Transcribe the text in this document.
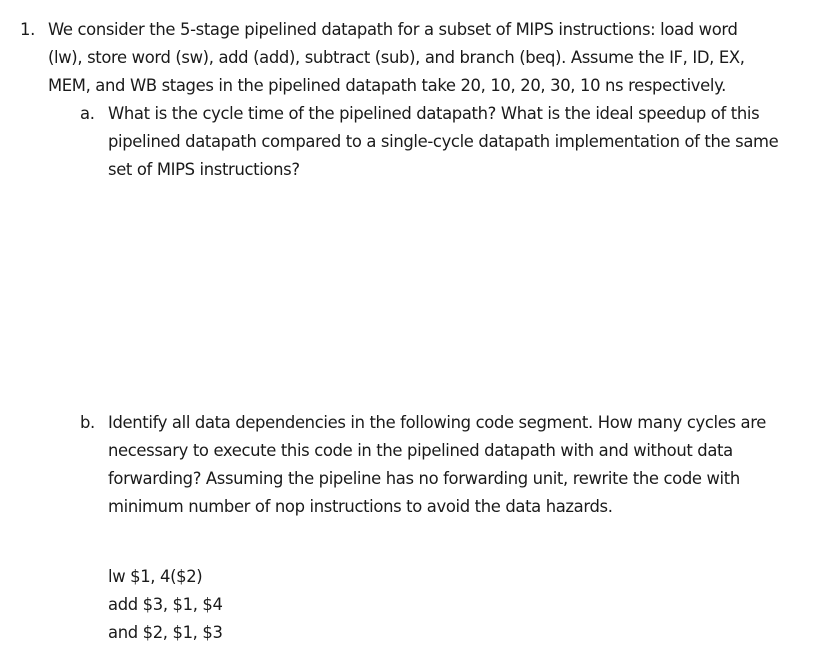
1. We consider the 5-stage pipelined datapath for a subset of MIPS instructions: load word
(lw), store word (sw), add (add), subtract (sub), and branch (beq). Assume the IF, ID, EX,
MEM, and WB stages in the pipelined datapath take 20, 10, 20, 30, 10 ns respectively.

a. What is the cycle time of the pipelined datapath? What is the ideal speedup of this
pipelined datapath compared to a single-cycle datapath implementation of the same
set of MIPS instructions?

b. Identify all data dependencies in the following code segment. How many cycles are
necessary to execute this code in the pipelined datapath with and without data
forwarding? Assuming the pipeline has no forwarding unit, rewrite the code with
minimum number of nop instructions to avoid the data hazards.

lw $1, 4($2)
add $3, $1, $4
and $2, $1, $3
